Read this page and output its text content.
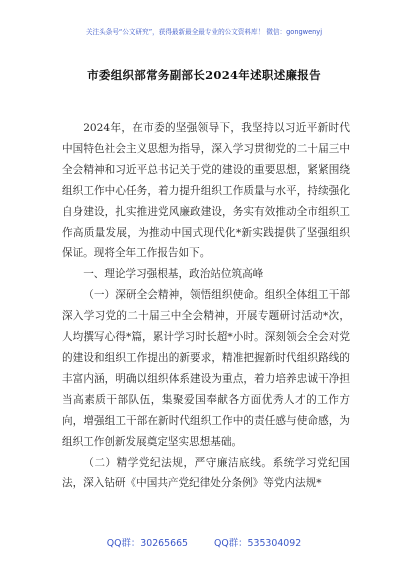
关注头条号“公文研究”，获得最新最全最专业的公文资料库！ 微信：gongwenyj
市委组织部常务副部长2024年述职述廉报告

2024年，在市委的坚强领导下，我坚持以习近平新时代中国特色社会主义思想为指导，深入学习贯彻党的二十届三中全会精神和习近平总书记关于党的建设的重要思想，紧紧围绕组织工作中心任务，着力提升组织工作质量与水平，持续强化自身建设，扎实推进党风廉政建设，务实有效推动全市组织工作高质量发展，为推动中国式现代化*新实践提供了坚强组织保证。现将全年工作报告如下。

一、理论学习强根基，政治站位筑高峰

（一）深研全会精神，领悟组织使命。组织全体组工干部深入学习党的二十届三中全会精神，开展专题研讨活动*次，人均撰写心得*篇，累计学习时长超*小时。深刻领会全会对党的建设和组织工作提出的新要求，精准把握新时代组织路线的丰富内涵，明确以组织体系建设为重点，着力培养忠诚干净担当高素质干部队伍，集聚爱国奉献各方面优秀人才的工作方向，增强组工干部在新时代组织工作中的责任感与使命感，为组织工作创新发展奠定坚实思想基础。

（二）精学党纪法规，严守廉洁底线。系统学习党纪国法，深入钻研《中国共产党纪律处分条例》等党内法规*

QQ群：30265665	QQ群：535304092
